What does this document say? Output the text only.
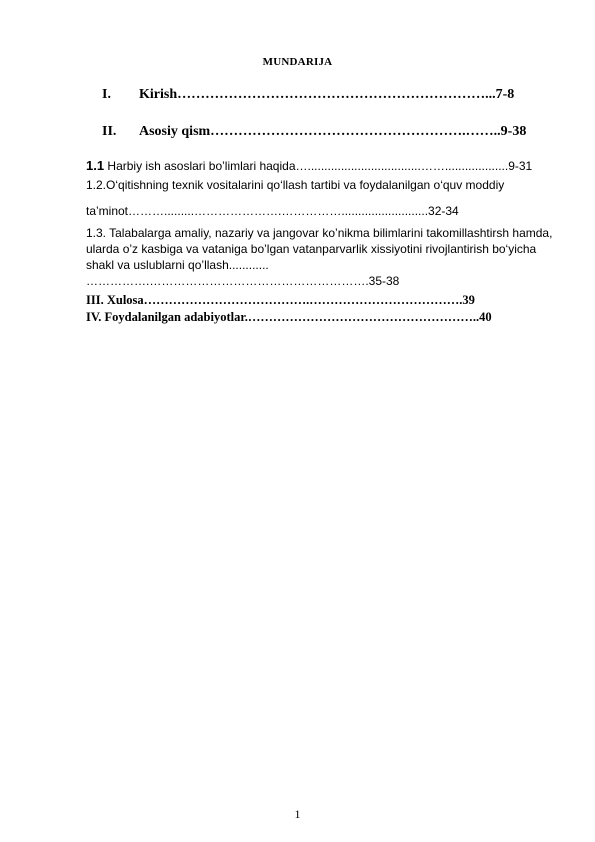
MUNDARIJA
I.	Kirish…………………………………………………………...7-8
II.	Asosiy qism……………………………………………….……..9-38
1.1 Harbiy ish asoslari bo’limlari haqida…..................................……...................9-31
1.2.O‘qitishning texnik vositalarini qo‘llash tartibi va foydalanilgan o‘quv moddiy
ta’minot……….........………………….……………..........................32-34
1.3. Talabalarga amaliy, nazariy va jangovar ko’nikma bilimlarini takomillashtirsh hamda, ularda o’z kasbiga va vataniga bo’lgan vatanparvarlik xissiyotini rivojlantirish bo‘yicha shakl va uslublarni qo’llash............
…………….……………………………………………….35-38
III. Xulosa………………………………….……………………………….39
IV. Foydalanilgan adabiyotlar.………………………………………………..40
1
